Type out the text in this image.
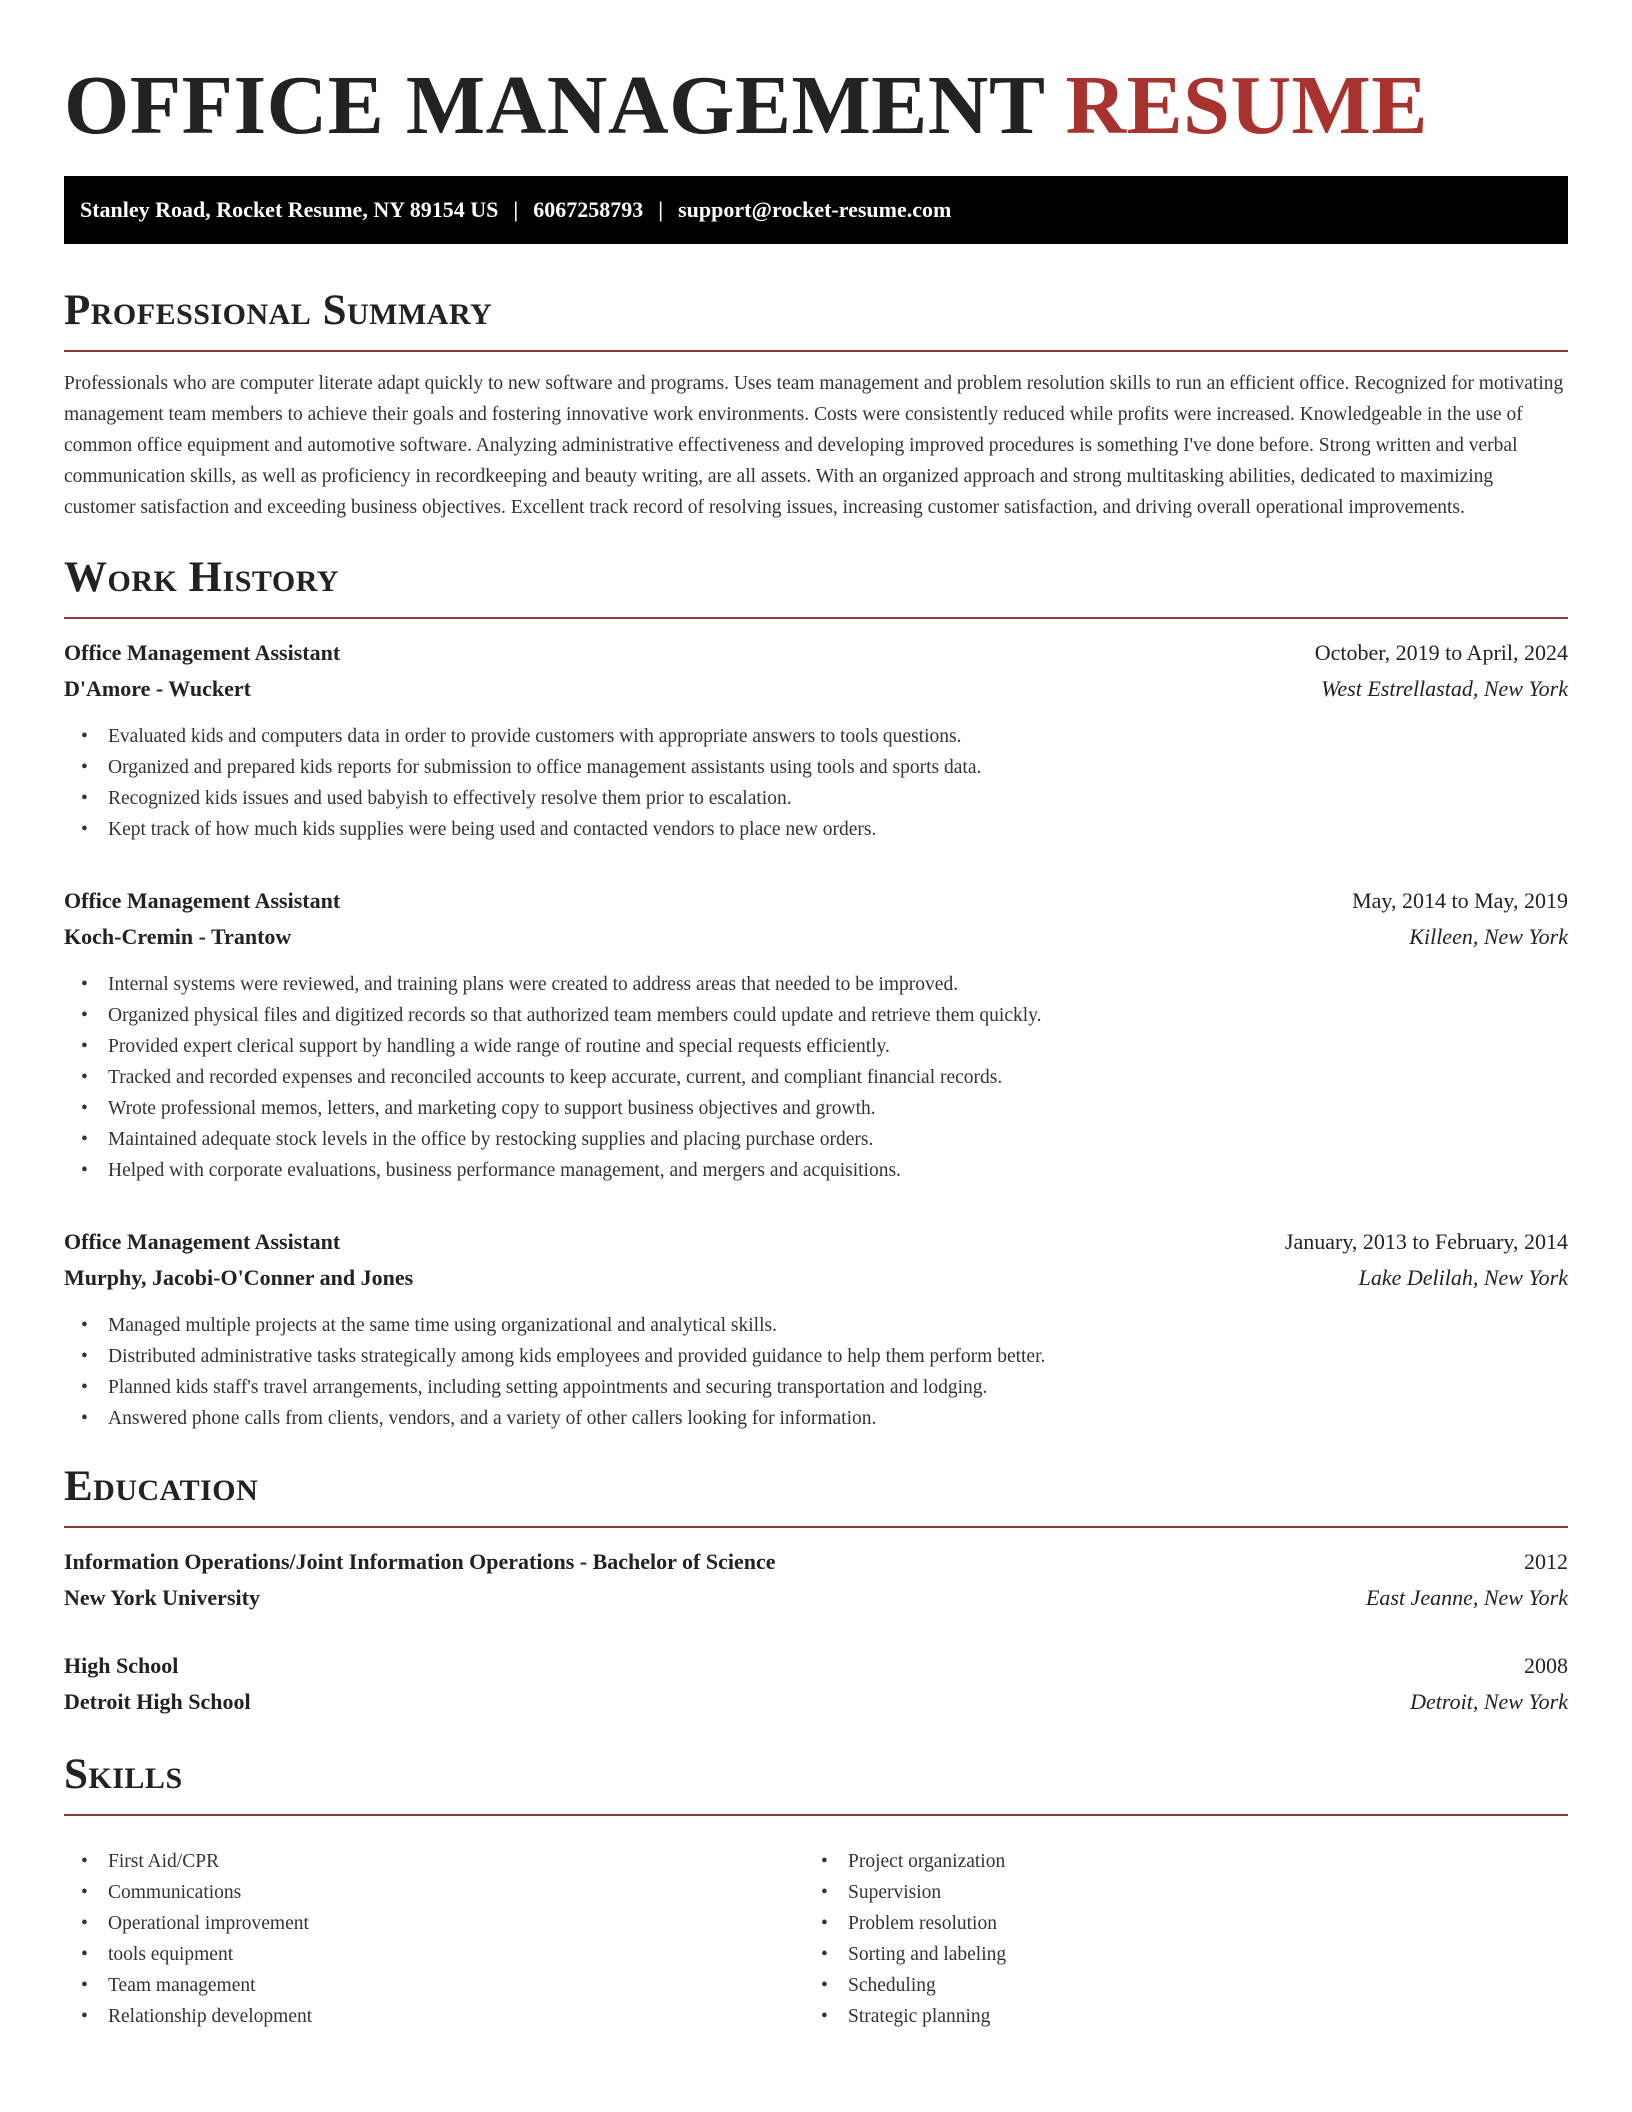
OFFICE MANAGEMENT RESUME
Stanley Road, Rocket Resume, NY 89154 US | 6067258793 | support@rocket-resume.com
Professional Summary

Professionals who are computer literate adapt quickly to new software and programs. Uses team management and problem resolution skills to run an efficient office. Recognized for motivating management team members to achieve their goals and fostering innovative work environments. Costs were consistently reduced while profits were increased. Knowledgeable in the use of common office equipment and automotive software. Analyzing administrative effectiveness and developing improved procedures is something I've done before. Strong written and verbal communication skills, as well as proficiency in recordkeeping and beauty writing, are all assets. With an organized approach and strong multitasking abilities, dedicated to maximizing customer satisfaction and exceeding business objectives. Excellent track record of resolving issues, increasing customer satisfaction, and driving overall operational improvements.

Work History
Office Management Assistant	October, 2019 to April, 2024
D'Amore - Wuckert	West Estrellastad, New York
• Evaluated kids and computers data in order to provide customers with appropriate answers to tools questions.
• Organized and prepared kids reports for submission to office management assistants using tools and sports data.
• Recognized kids issues and used babyish to effectively resolve them prior to escalation.
• Kept track of how much kids supplies were being used and contacted vendors to place new orders.
Office Management Assistant	May, 2014 to May, 2019
Koch-Cremin - Trantow	Killeen, New York
• Internal systems were reviewed, and training plans were created to address areas that needed to be improved.
• Organized physical files and digitized records so that authorized team members could update and retrieve them quickly.
• Provided expert clerical support by handling a wide range of routine and special requests efficiently.
• Tracked and recorded expenses and reconciled accounts to keep accurate, current, and compliant financial records.
• Wrote professional memos, letters, and marketing copy to support business objectives and growth.
• Maintained adequate stock levels in the office by restocking supplies and placing purchase orders.
• Helped with corporate evaluations, business performance management, and mergers and acquisitions.
Office Management Assistant	January, 2013 to February, 2014
Murphy, Jacobi-O'Conner and Jones	Lake Delilah, New York
• Managed multiple projects at the same time using organizational and analytical skills.
• Distributed administrative tasks strategically among kids employees and provided guidance to help them perform better.
• Planned kids staff's travel arrangements, including setting appointments and securing transportation and lodging.
• Answered phone calls from clients, vendors, and a variety of other callers looking for information.
Education
Information Operations/Joint Information Operations - Bachelor of Science	2012
New York University	East Jeanne, New York
High School	2008
Detroit High School	Detroit, New York
Skills
• First Aid/CPR
• Communications
• Operational improvement
• tools equipment
• Team management
• Relationship development
• Project organization
• Supervision
• Problem resolution
• Sorting and labeling
• Scheduling
• Strategic planning
